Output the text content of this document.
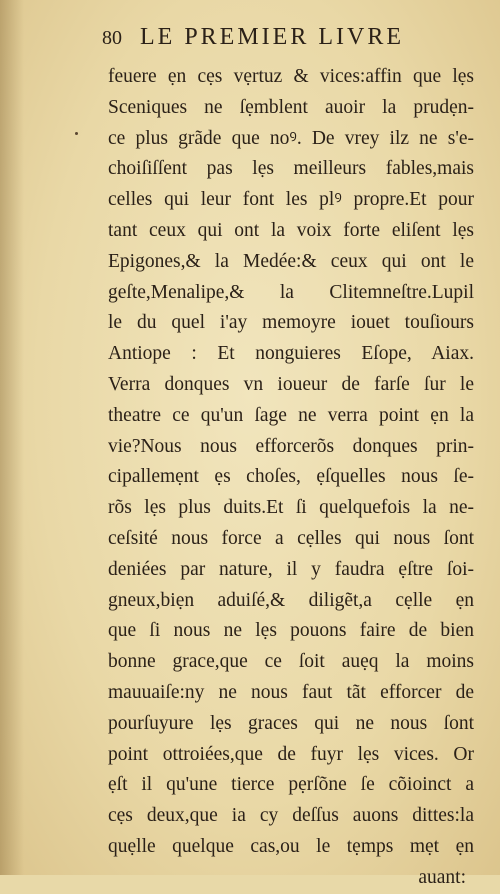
80 LE PREMIER LIVRE
feuere ẹn cẹs vẹrtuz & vices:affin que lẹs
Sceniques ne ſẹmblent auoir la prudẹn-
ce plus grãde que noꝰ. De vrey ilz ne s'e-
choiſiſſent pas lẹs meilleurs fables,mais
celles qui leur font les plꝰ propre.Et pour
tant ceux qui ont la voix forte eliſent lẹs
Epigones,& la Medée:& ceux qui ont le
geſte,Menalipe,& la Clitemneſtre.Lupil
le du quel i'ay memoyre iouet touſiours
Antiope : Et nonguieres Eſope, Aiax.
Verra donques vn ioueur de farſe ſur le
theatre ce qu'un ſage ne verra point ẹn la
vie?Nous nous efforcerõs donques prin-
cipallemẹnt ẹs choſes, ẹſquelles nous ſe-
rõs lẹs plus duits.Et ſi quelquefois la ne-
ceſsité nous force a cẹlles qui nous ſont
deniées par nature, il y faudra ẹſtre ſoi-
gneux,biẹn aduiſé,& diligẽt,a cẹlle ẹn
que ſi nous ne lẹs pouons faire de bien
bonne grace,que ce ſoit auẹq la moins
mauuaiſe:ny ne nous faut tãt efforcer de
pourſuyure lẹs graces qui ne nous ſont
point ottroiées,que de fuyr lẹs vices. Or
ẹſt il qu'une tierce pẹrſõne ſe cõioinct a
cẹs deux,que ia cy deſſus auons dittes:la
quẹlle quelque cas,ou le tẹmps mẹt ẹn
auant:
